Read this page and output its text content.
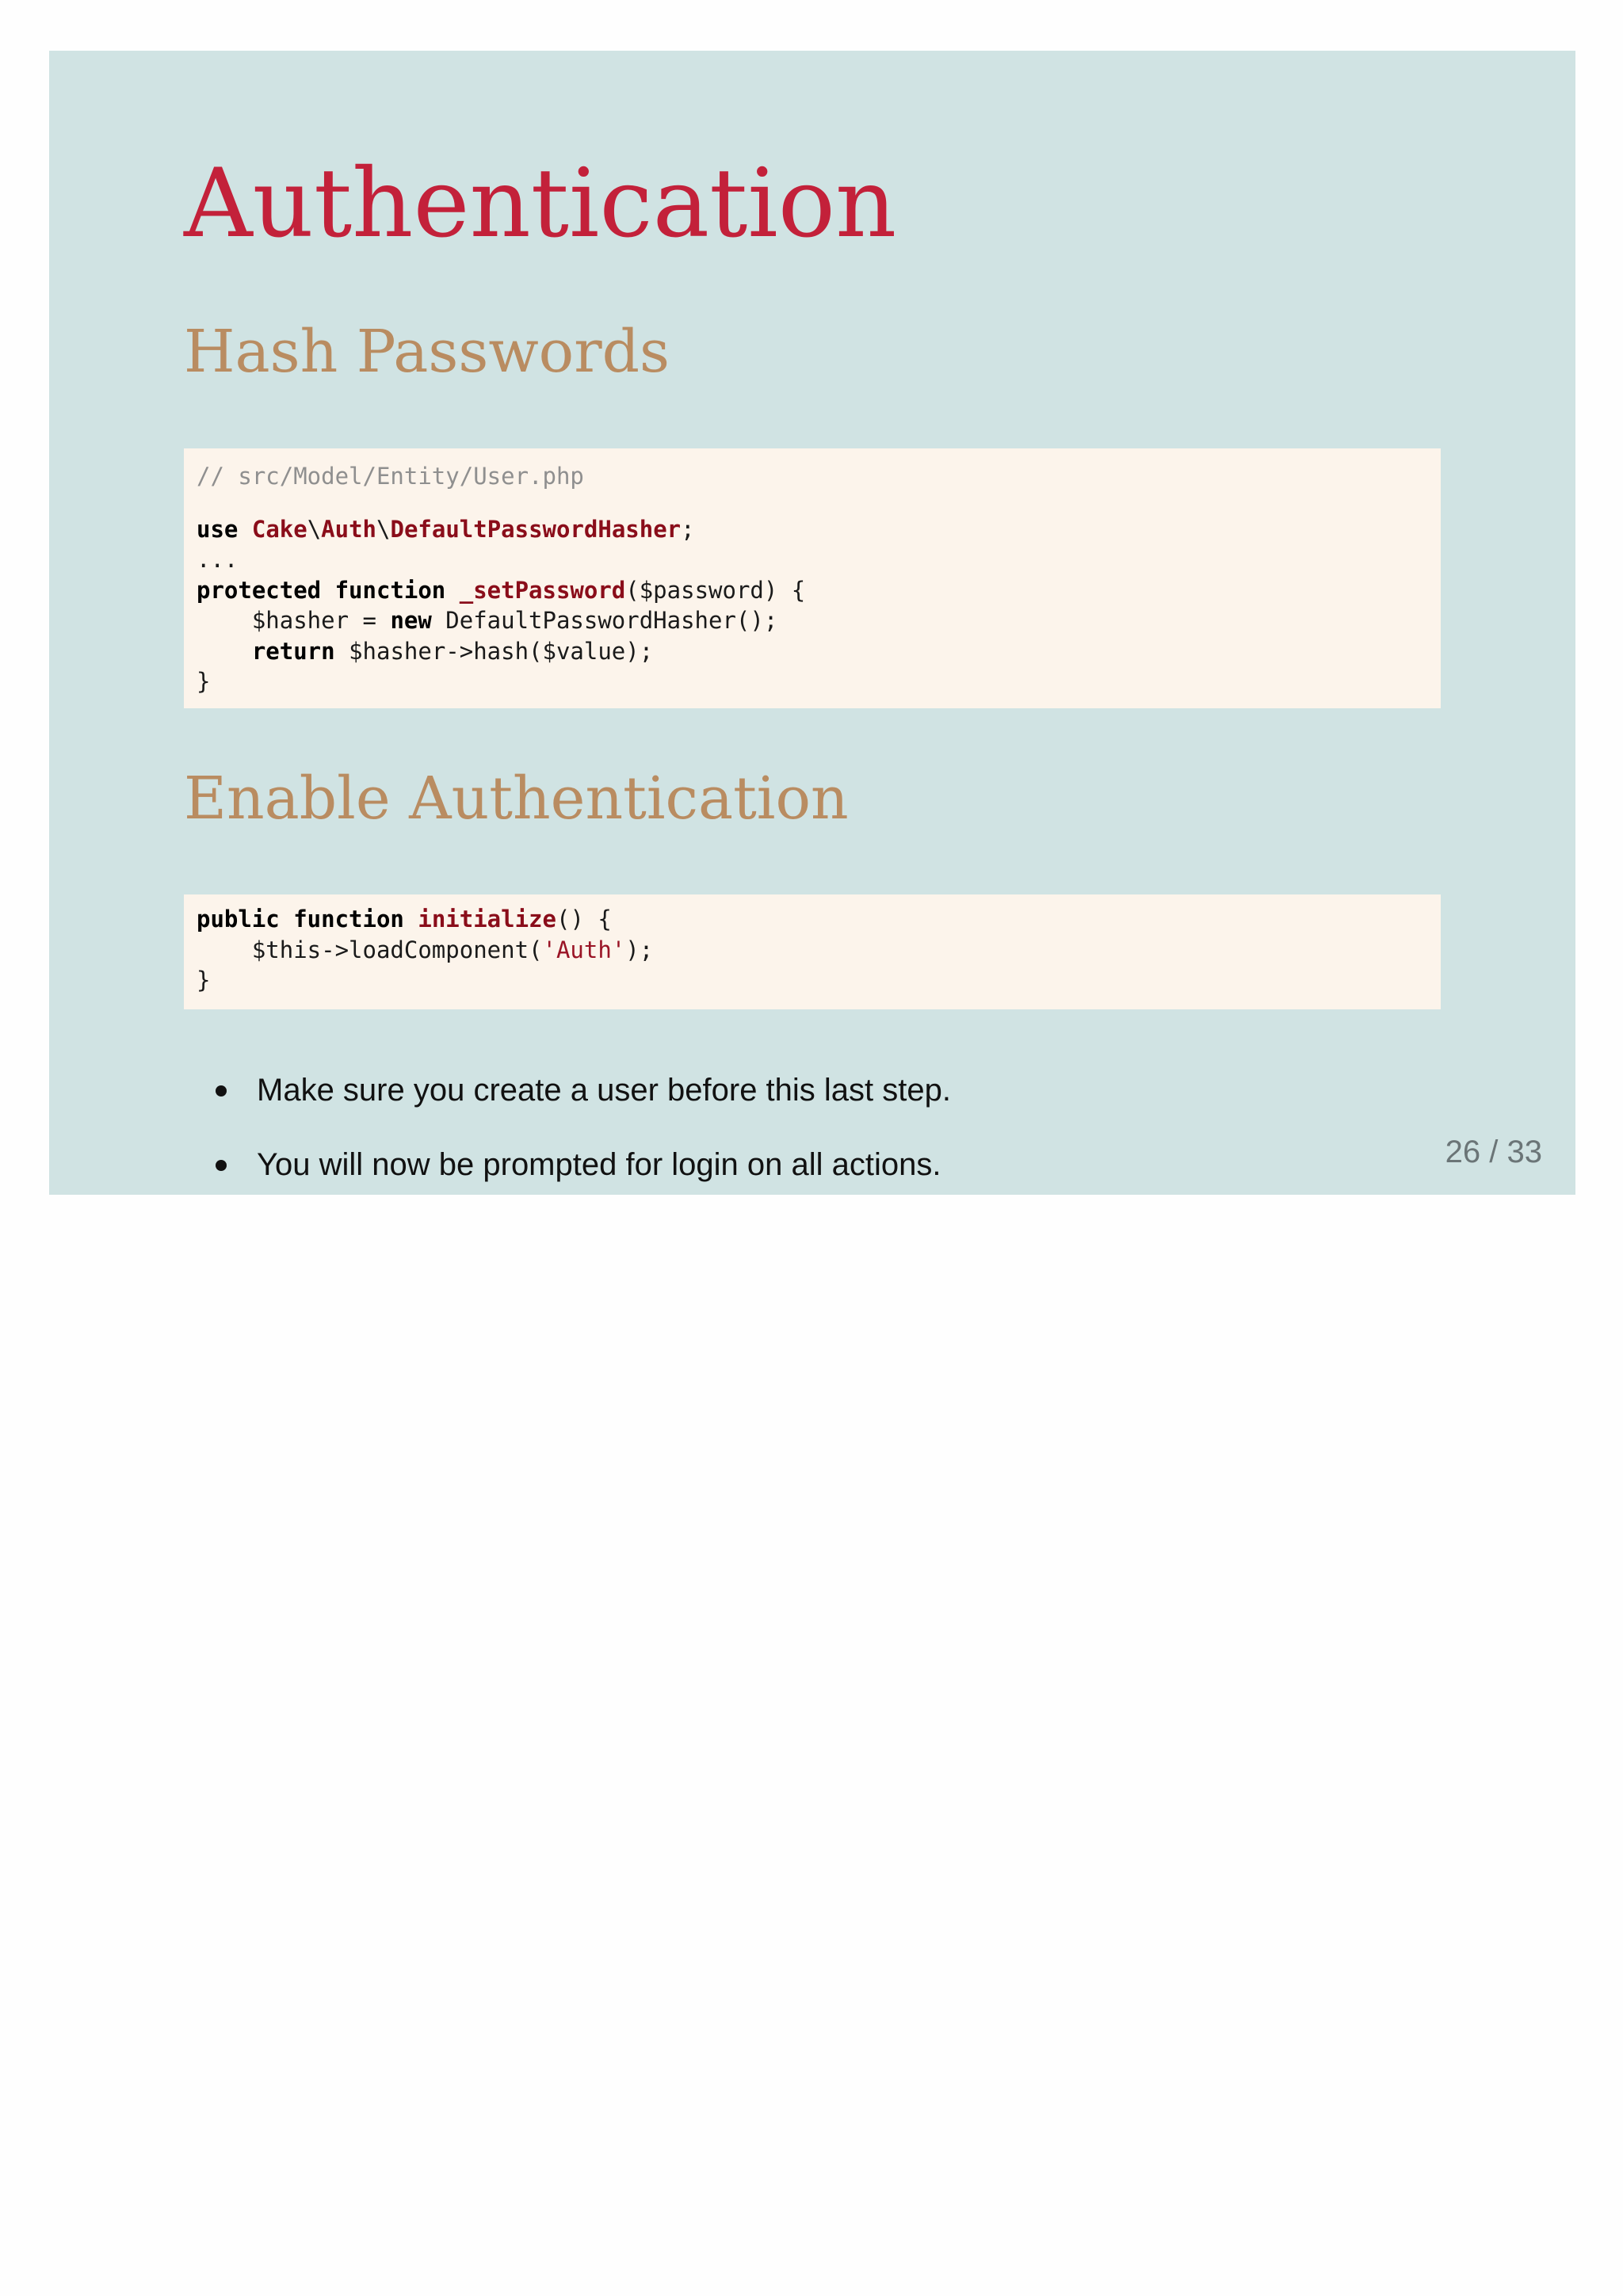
Authentication
Hash Passwords
// src/Model/Entity/User.php
use Cake\Auth\DefaultPasswordHasher;
...
protected function _setPassword($password) {
$hasher = new DefaultPasswordHasher();
return $hasher->hash($value);
}
Enable Authentication
public function initialize() {
$this->loadComponent('Auth');
}
Make sure you create a user before this last step.
You will now be prompted for login on all actions.	26 / 33
